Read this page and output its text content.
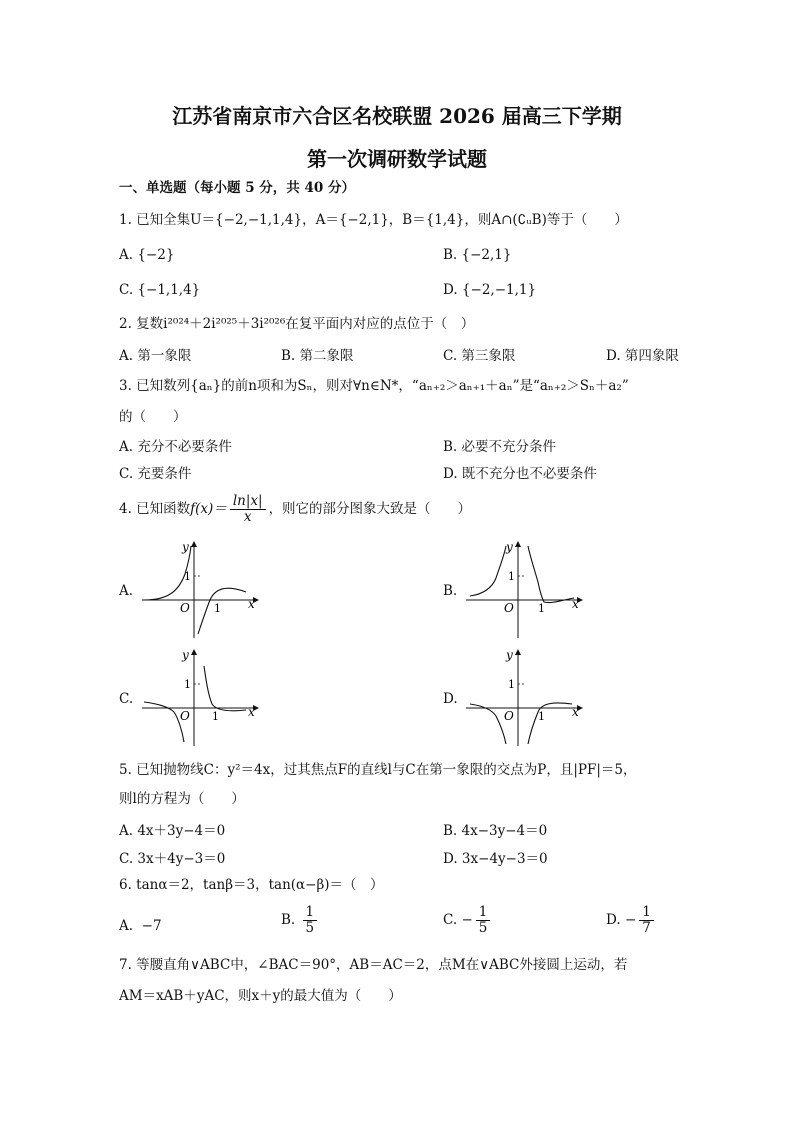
江苏省南京市六合区名校联盟 2026 届高三下学期
第一次调研数学试题
一、单选题（每小题 5 分，共 40 分）
1. 已知全集U＝{−2,−1,1,4}，A＝{−2,1}，B＝{1,4}，则A∩(∁ᵤB)等于（　　）
A. {−2}	B. {−2,1}
C. {−1,1,4}	D. {−2,−1,1}
2. 复数i²⁰²⁴＋2i²⁰²⁵＋3i²⁰²⁶在复平面内对应的点位于（　）
A. 第一象限	B. 第二象限	C. 第三象限	D. 第四象限
3. 已知数列{aₙ}的前n项和为Sₙ，则对∀n∈N*，“aₙ₊₂＞aₙ₊₁＋aₙ”是“aₙ₊₂＞Sₙ＋a₂”
的（　　）
A. 充分不必要条件	B. 必要不充分条件
C. 充要条件	D. 既不充分也不必要条件
4. 已知函数$f(x)= \frac{\ln|x|}{x}$ ，则它的部分图象大致是（　　）
A.	B.
C.	D.
y
1
O 1 x
y
1
O 1 x
y
1
O 1 x
y
1
O 1 x
5. 已知抛物线C：y²＝4x，过其焦点F的直线l与C在第一象限的交点为P，且|PF|＝5，
则l的方程为（　　）
A. 4x＋3y−4＝0	B. 4x−3y−4＝0
C. 3x＋4y−3＝0	D. 3x−4y−3＝0
6. tanα＝2，tanβ＝3，tan(α−β)＝（　）
A. −7	B. $\frac{1}{5}$	C. − $\frac{1}{5}$	D. − $\frac{1}{7}$
7. 等腰直角∨ABC中，∠BAC＝90°，AB＝AC＝2，点M在∨ABC外接圆上运动，若
AM＝xAB＋yAC，则x＋y的最大值为（　　）
